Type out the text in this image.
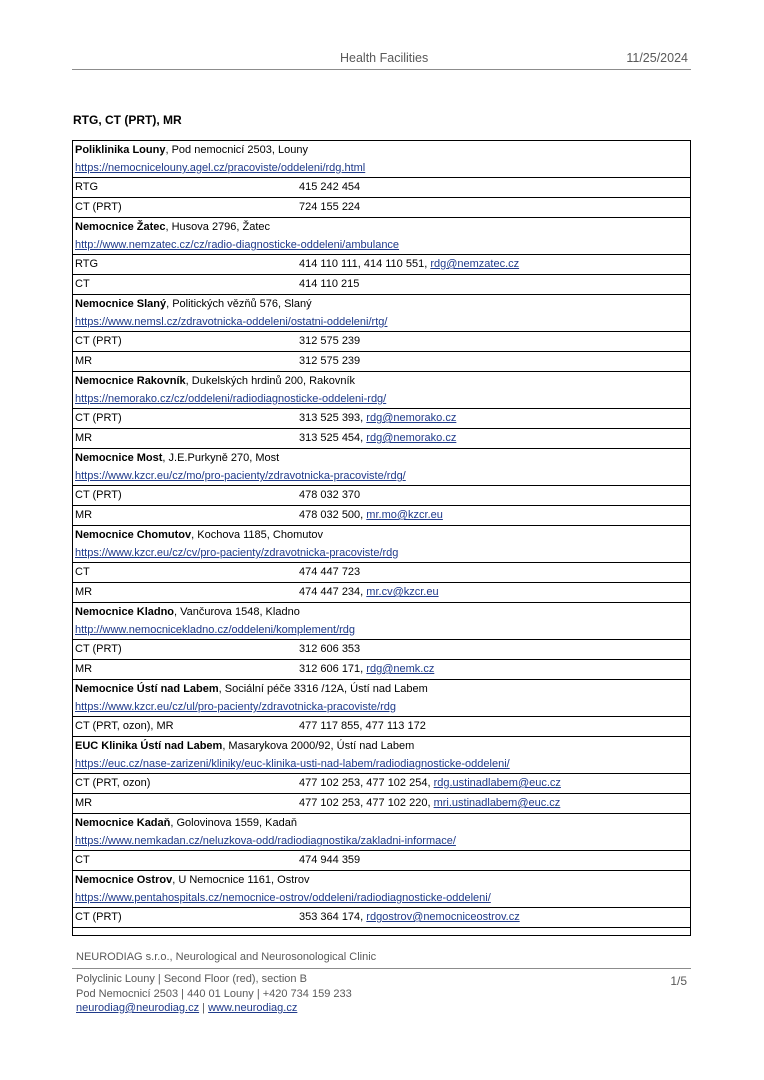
Health Facilities	11/25/2024
RTG, CT (PRT), MR
Poliklinika Louny, Pod nemocnicí 2503, Louny
https://nemocnicelouny.agel.cz/pracoviste/oddeleni/rdg.html
RTG	415 242 454
CT (PRT)	724 155 224
Nemocnice Žatec, Husova 2796, Žatec
http://www.nemzatec.cz/cz/radio-diagnosticke-oddeleni/ambulance
RTG	414 110 111, 414 110 551, rdg@nemzatec.cz
CT	414 110 215
Nemocnice Slaný, Politických vězňů 576, Slaný
https://www.nemsl.cz/zdravotnicka-oddeleni/ostatni-oddeleni/rtg/
CT (PRT)	312 575 239
MR	312 575 239
Nemocnice Rakovník, Dukelských hrdinů 200, Rakovník
https://nemorako.cz/cz/oddeleni/radiodiagnosticke-oddeleni-rdg/
CT (PRT)	313 525 393, rdg@nemorako.cz
MR	313 525 454, rdg@nemorako.cz
Nemocnice Most, J.E.Purkyně 270, Most
https://www.kzcr.eu/cz/mo/pro-pacienty/zdravotnicka-pracoviste/rdg/
CT (PRT)	478 032 370
MR	478 032 500, mr.mo@kzcr.eu
Nemocnice Chomutov, Kochova 1185, Chomutov
https://www.kzcr.eu/cz/cv/pro-pacienty/zdravotnicka-pracoviste/rdg
CT	474 447 723
MR	474 447 234, mr.cv@kzcr.eu
Nemocnice Kladno, Vančurova 1548, Kladno
http://www.nemocnicekladno.cz/oddeleni/komplement/rdg
CT (PRT)	312 606 353
MR	312 606 171, rdg@nemk.cz
Nemocnice Ústí nad Labem, Sociální péče 3316 /12A, Ústí nad Labem
https://www.kzcr.eu/cz/ul/pro-pacienty/zdravotnicka-pracoviste/rdg
CT (PRT, ozon), MR	477 117 855, 477 113 172
EUC Klinika Ústí nad Labem, Masarykova 2000/92, Ústí nad Labem
https://euc.cz/nase-zarizeni/kliniky/euc-klinika-usti-nad-labem/radiodiagnosticke-oddeleni/
CT (PRT, ozon)	477 102 253, 477 102 254, rdg.ustinadlabem@euc.cz
MR	477 102 253, 477 102 220, mri.ustinadlabem@euc.cz
Nemocnice Kadaň, Golovinova 1559, Kadaň
https://www.nemkadan.cz/neluzkova-odd/radiodiagnostika/zakladni-informace/
CT	474 944 359
Nemocnice Ostrov, U Nemocnice 1161, Ostrov
https://www.pentahospitals.cz/nemocnice-ostrov/oddeleni/radiodiagnosticke-oddeleni/
CT (PRT)	353 364 174, rdgostrov@nemocniceostrov.cz
NEURODIAG s.r.o., Neurological and Neurosonological Clinic
Polyclinic Louny | Second Floor (red), section B
Pod Nemocnicí 2503 | 440 01 Louny | +420 734 159 233
neurodiag@neurodiag.cz | www.neurodiag.cz
1/5
